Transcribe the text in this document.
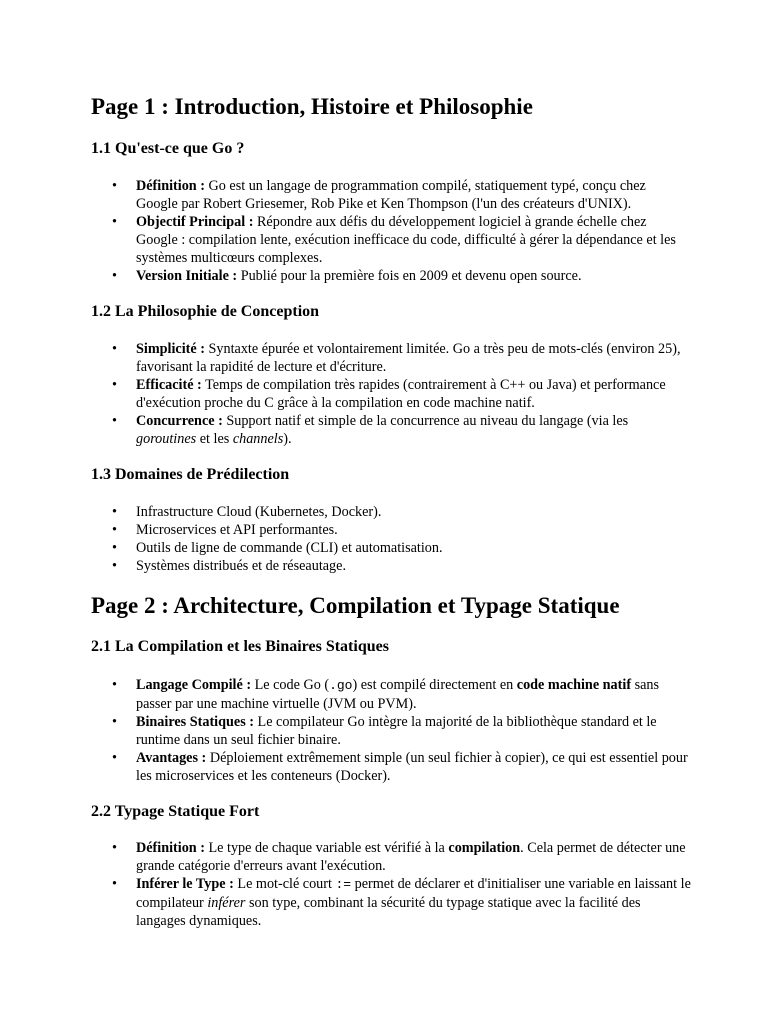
Page 1 : Introduction, Histoire et Philosophie
1.1 Qu'est-ce que Go ?
• Définition : Go est un langage de programmation compilé, statiquement typé, conçu chez Google par Robert Griesemer, Rob Pike et Ken Thompson (l'un des créateurs d'UNIX).
• Objectif Principal : Répondre aux défis du développement logiciel à grande échelle chez Google : compilation lente, exécution inefficace du code, difficulté à gérer la dépendance et les systèmes multicœurs complexes.
• Version Initiale : Publié pour la première fois en 2009 et devenu open source.
1.2 La Philosophie de Conception
• Simplicité : Syntaxte épurée et volontairement limitée. Go a très peu de mots-clés (environ 25), favorisant la rapidité de lecture et d'écriture.
• Efficacité : Temps de compilation très rapides (contrairement à C++ ou Java) et performance d'exécution proche du C grâce à la compilation en code machine natif.
• Concurrence : Support natif et simple de la concurrence au niveau du langage (via les goroutines et les channels).
1.3 Domaines de Prédilection
• Infrastructure Cloud (Kubernetes, Docker).
• Microservices et API performantes.
• Outils de ligne de commande (CLI) et automatisation.
• Systèmes distribués et de réseautage.
Page 2 : Architecture, Compilation et Typage Statique
2.1 La Compilation et les Binaires Statiques
• Langage Compilé : Le code Go (.go) est compilé directement en code machine natif sans passer par une machine virtuelle (JVM ou PVM).
• Binaires Statiques : Le compilateur Go intègre la majorité de la bibliothèque standard et le runtime dans un seul fichier binaire.
• Avantages : Déploiement extrêmement simple (un seul fichier à copier), ce qui est essentiel pour les microservices et les conteneurs (Docker).
2.2 Typage Statique Fort
• Définition : Le type de chaque variable est vérifié à la compilation. Cela permet de détecter une grande catégorie d'erreurs avant l'exécution.
• Inférer le Type : Le mot-clé court := permet de déclarer et d'initialiser une variable en laissant le compilateur inférer son type, combinant la sécurité du typage statique avec la facilité des langages dynamiques.
